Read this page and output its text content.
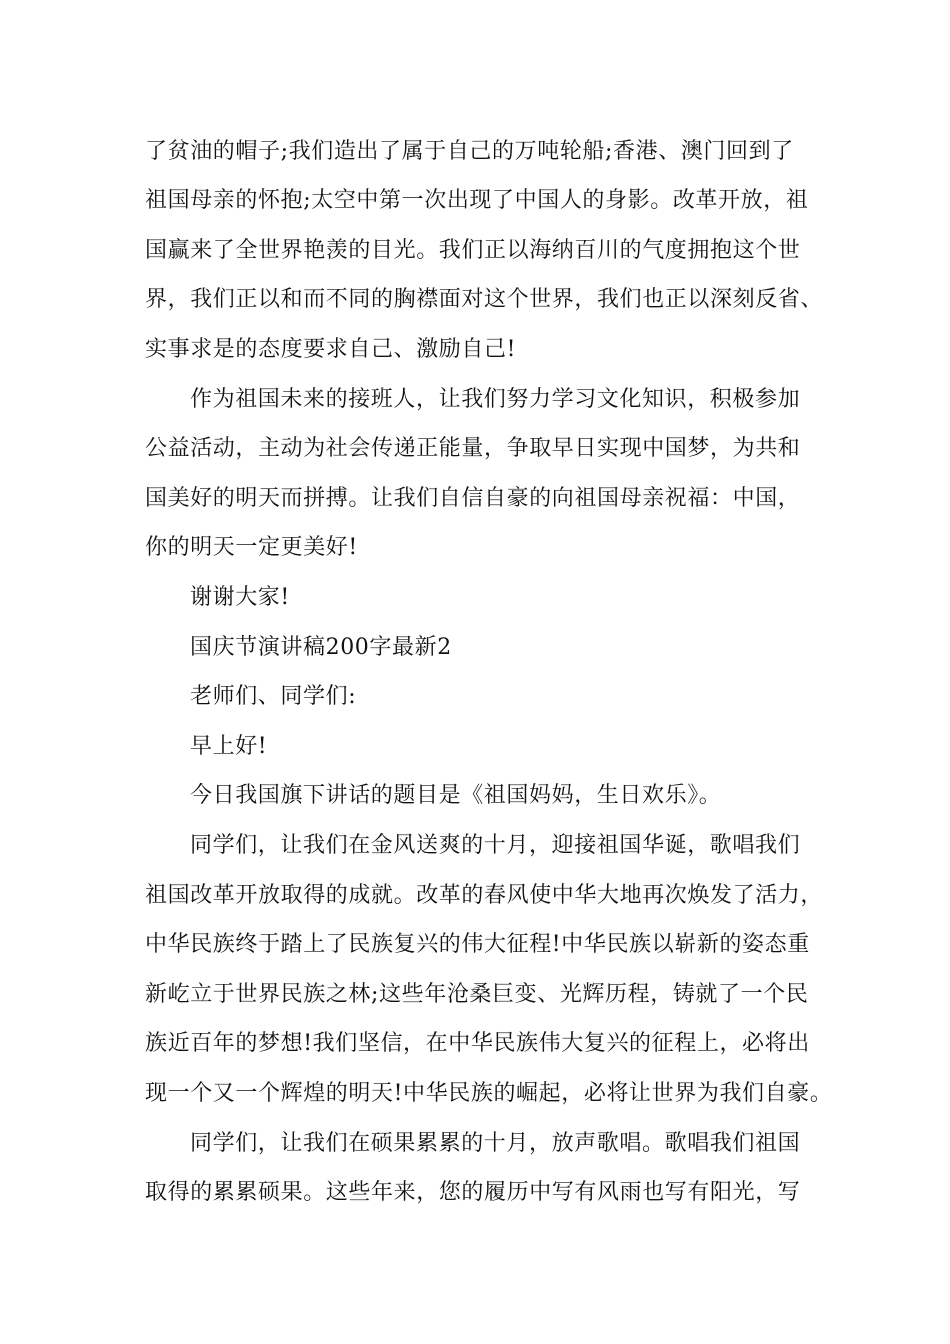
了贫油的帽子;我们造出了属于自己的万吨轮船;香港、澳门回到了
祖国母亲的怀抱;太空中第一次出现了中国人的身影。改革开放，祖
国赢来了全世界艳羡的目光。我们正以海纳百川的气度拥抱这个世
界，我们正以和而不同的胸襟面对这个世界，我们也正以深刻反省、
实事求是的态度要求自己、激励自己!
作为祖国未来的接班人，让我们努力学习文化知识，积极参加
公益活动，主动为社会传递正能量，争取早日实现中国梦，为共和
国美好的明天而拼搏。让我们自信自豪的向祖国母亲祝福：中国，
你的明天一定更美好!
谢谢大家!
国庆节演讲稿200字最新2
老师们、同学们:
早上好!
今日我国旗下讲话的题目是《祖国妈妈，生日欢乐》。
同学们，让我们在金风送爽的十月，迎接祖国华诞，歌唱我们
祖国改革开放取得的成就。改革的春风使中华大地再次焕发了活力，
中华民族终于踏上了民族复兴的伟大征程!中华民族以崭新的姿态重
新屹立于世界民族之林;这些年沧桑巨变、光辉历程，铸就了一个民
族近百年的梦想!我们坚信，在中华民族伟大复兴的征程上，必将出
现一个又一个辉煌的明天!中华民族的崛起，必将让世界为我们自豪。
同学们，让我们在硕果累累的十月，放声歌唱。歌唱我们祖国
取得的累累硕果。这些年来，您的履历中写有风雨也写有阳光，写
